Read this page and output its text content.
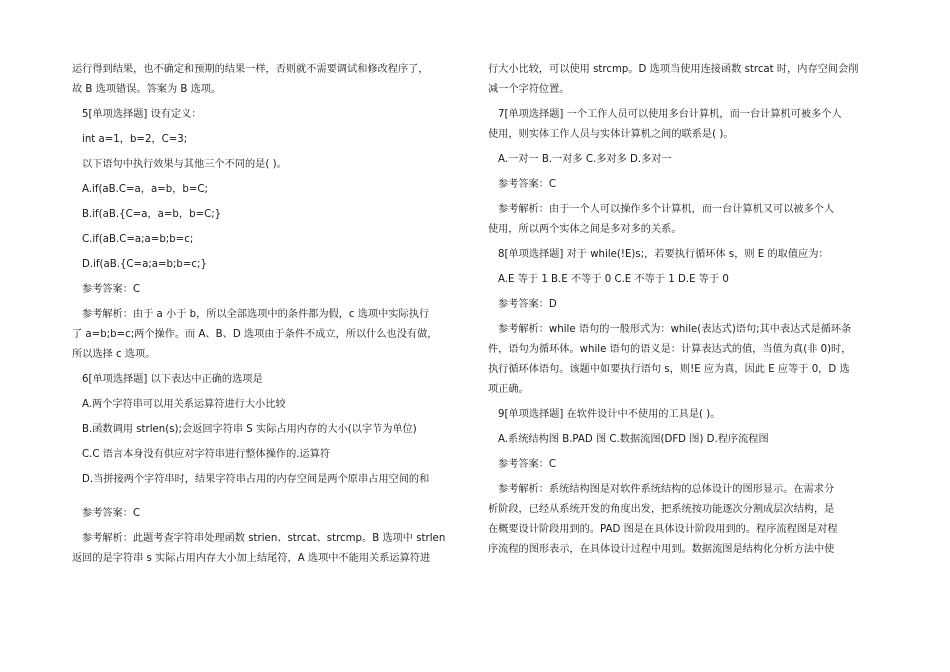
运行得到结果，也不确定和预期的结果一样，否则就不需要调试和修改程序了，
故 B 选项错误。答案为 B 选项。
5[单项选择题] 设有定义：
int a=1，b=2，C=3;
以下语句中执行效果与其他三个不同的是( )。
A.if(aB.C=a，a=b，b=C;
B.if(aB.{C=a，a=b，b=C;}
C.if(aB.C=a;a=b;b=c;
D.if(aB.{C=a;a=b;b=c;}
参考答案：C
参考解析：由于 a 小于 b，所以全部选项中的条件都为假，c 选项中实际执行
了 a=b;b=c;两个操作。而 A、B、D 选项由于条件不成立，所以什么也没有做，
所以选择 c 选项。
6[单项选择题] 以下表达中正确的选项是
A.两个字符串可以用关系运算符进行大小比较
B.函数调用 strlen(s);会返回字符串 S 实际占用内存的大小(以字节为单位)
C.C 语言本身没有供应对字符串进行整体操作的.运算符
D.当拼接两个字符串时，结果字符串占用的内存空间是两个原串占用空间的和
参考答案：C
参考解析：此题考查字符串处理函数 strien、strcat、strcmp。B 选项中 strlen
返回的是字符串 s 实际占用内存大小加上结尾符，A 选项中不能用关系运算符进
行大小比较，可以使用 strcmp。D 选项当使用连接函数 strcat 时，内存空间会削
减一个字符位置。
7[单项选择题] 一个工作人员可以使用多台计算机，而一台计算机可被多个人
使用，则实体工作人员与实体计算机之间的联系是( )。
A.一对一 B.一对多 C.多对多 D.多对一
参考答案：C
参考解析：由于一个人可以操作多个计算机，而一台计算机又可以被多个人
使用，所以两个实体之间是多对多的关系。
8[单项选择题] 对于 while(!E)s;，若要执行循环体 s，则 E 的取值应为：
A.E 等于 1 B.E 不等于 0 C.E 不等于 1 D.E 等于 0
参考答案：D
参考解析：while 语句的一般形式为：while(表达式)语句;其中表达式是循环条
件，语句为循环体。while 语句的语义是：计算表达式的值，当值为真(非 0)时，
执行循环体语句。该题中如要执行语句 s，则!E 应为真，因此 E 应等于 0，D 选
项正确。
9[单项选择题] 在软件设计中不使用的工具是( )。
A.系统结构图 B.PAD 图 C.数据流图(DFD 图) D.程序流程图
参考答案：C
参考解析：系统结构图是对软件系统结构的总体设计的图形显示。在需求分
析阶段，已经从系统开发的角度出发，把系统按功能逐次分割成层次结构，是
在概要设计阶段用到的。PAD 图是在具体设计阶段用到的。程序流程图是对程
序流程的图形表示，在具体设计过程中用到。数据流图是结构化分析方法中使
